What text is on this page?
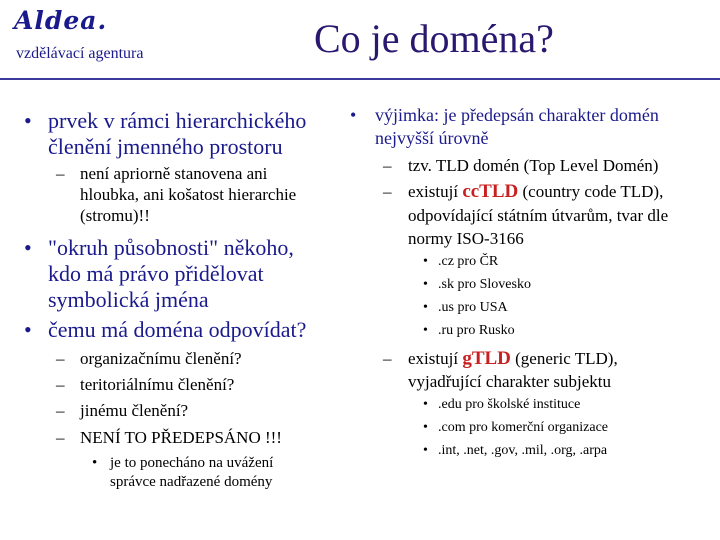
Aldea.
vzdělávací agentura	Co je doména?
• prvek v rámci hierarchického
členění jmenného prostoru
– není apriorně stanovena ani
hloubka, ani košatost hierarchie
(stromu)!!
• "okruh působnosti" někoho,
kdo má právo přidělovat
symbolická jména
• čemu má doména odpovídat?
– organizačnímu členění?
– teritoriálnímu členění?
– jinému členění?
– NENÍ TO PŘEDEPSÁNO !!!
• je to ponecháno na uvážení
správce nadřazené domény
• výjimka: je předepsán charakter domén
nejvyšší úrovně
– tzv. TLD domén (Top Level Domén)
– existují ccTLD (country code TLD),
odpovídající státním útvarům, tvar dle
normy ISO-3166
• .cz pro ČR
• .sk pro Slovesko
• .us pro USA
• .ru pro Rusko
– existují gTLD (generic TLD),
vyjadřující charakter subjektu
• .edu pro školské instituce
• .com pro komerční organizace
• .int, .net, .gov, .mil, .org, .arpa
